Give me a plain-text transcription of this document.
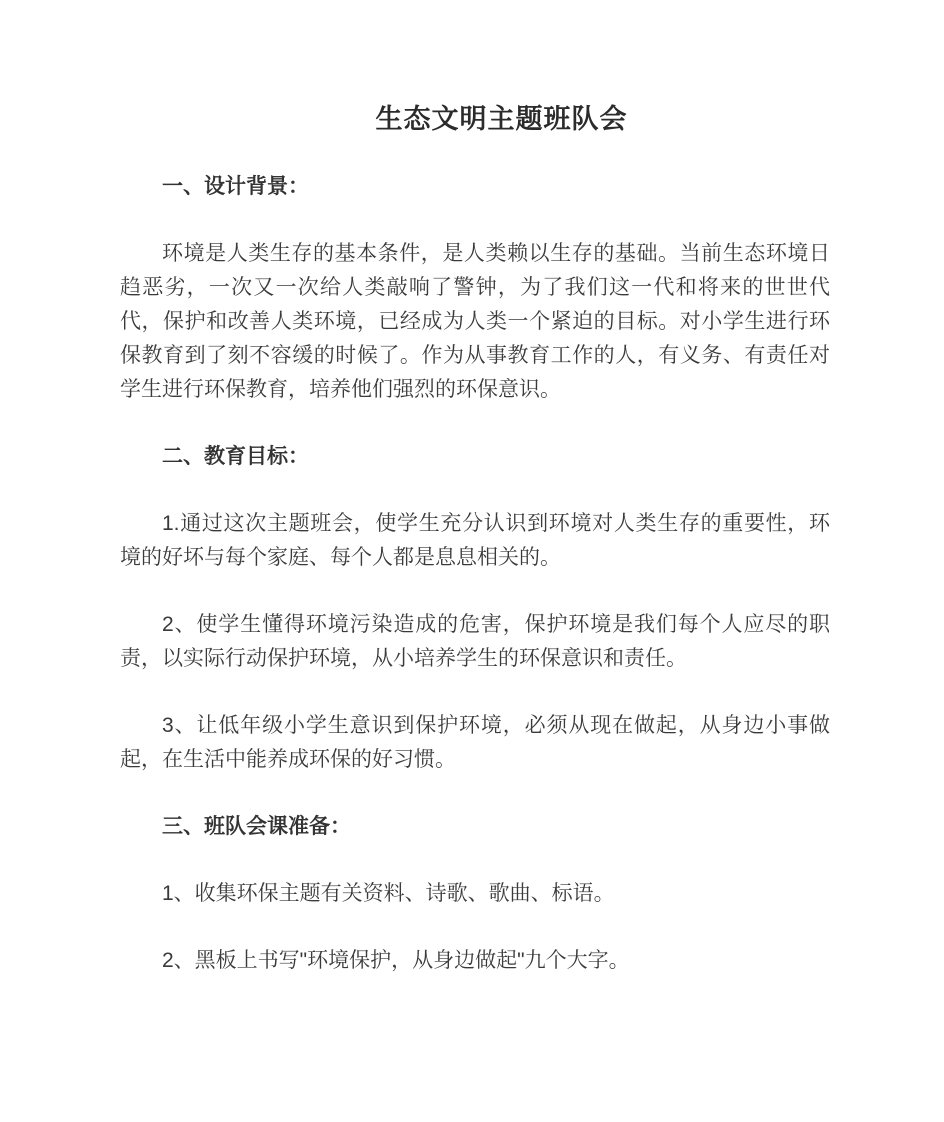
生态文明主题班队会
一、设计背景：

环境是人类生存的基本条件，是人类赖以生存的基础。当前生态环境日趋恶劣，一次又一次给人类敲响了警钟，为了我们这一代和将来的世世代代，保护和改善人类环境，已经成为人类一个紧迫的目标。对小学生进行环保教育到了刻不容缓的时候了。作为从事教育工作的人，有义务、有责任对学生进行环保教育，培养他们强烈的环保意识。

二、教育目标：

1.通过这次主题班会，使学生充分认识到环境对人类生存的重要性，环境的好坏与每个家庭、每个人都是息息相关的。

2、使学生懂得环境污染造成的危害，保护环境是我们每个人应尽的职责，以实际行动保护环境，从小培养学生的环保意识和责任。

3、让低年级小学生意识到保护环境，必须从现在做起，从身边小事做起，在生活中能养成环保的好习惯。

三、班队会课准备：

1、收集环保主题有关资料、诗歌、歌曲、标语。

2、黑板上书写"环境保护，从身边做起"九个大字。
